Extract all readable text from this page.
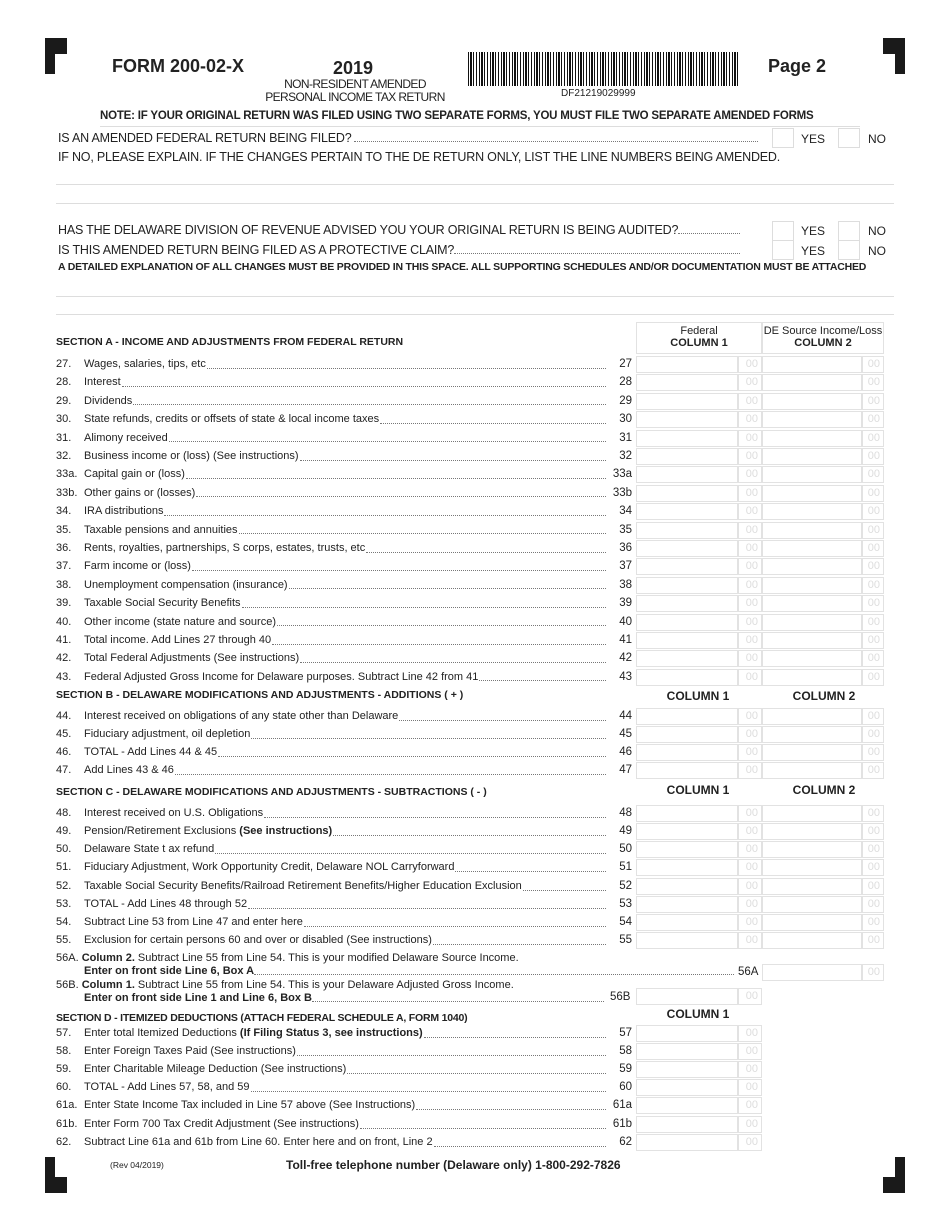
FORM 200-02-X	2019
NON-RESIDENT AMENDED
PERSONAL INCOME TAX RETURN	DF21219029999
Page 2
NOTE: IF YOUR ORIGINAL RETURN WAS FILED USING TWO SEPARATE FORMS, YOU MUST FILE TWO SEPARATE AMENDED FORMS
IS AN AMENDED FEDERAL RETURN BEING FILED?	YES	NO
IF NO, PLEASE EXPLAIN. IF THE CHANGES PERTAIN TO THE DE RETURN ONLY, LIST THE LINE NUMBERS BEING AMENDED.
HAS THE DELAWARE DIVISION OF REVENUE ADVISED YOU YOUR ORIGINAL RETURN IS BEING AUDITED?	YES	NO
IS THIS AMENDED RETURN BEING FILED AS A PROTECTIVE CLAIM?	YES	NO
A DETAILED EXPLANATION OF ALL CHANGES MUST BE PROVIDED IN THIS SPACE. ALL SUPPORTING SCHEDULES AND/OR DOCUMENTATION MUST BE ATTACHED
Federal
COLUMN 1
DE Source Income/Loss
COLUMN 2
SECTION A - INCOME AND ADJUSTMENTS FROM FEDERAL RETURN
SECTION B - DELAWARE MODIFICATIONS AND ADJUSTMENTS - ADDITIONS ( + )	COLUMN 1	COLUMN 2
SECTION C - DELAWARE MODIFICATIONS AND ADJUSTMENTS - SUBTRACTIONS ( - )	COLUMN 1	COLUMN 2
56A. Column 2. Subtract Line 55 from Line 54. This is your modified Delaware Source Income.
Enter on front side Line 6, Box A	56A	00
56B. Column 1. Subtract Line 55 from Line 54. This is your Delaware Adjusted Gross Income.
Enter on front side Line 1 and Line 6, Box B	56B	00
SECTION D - ITEMIZED DEDUCTIONS (ATTACH FEDERAL SCHEDULE A, FORM 1040)	COLUMN 1
27.	Wages, salaries, tips, etc	27	00	00
28.	Interest	28	00	00
29.	Dividends	29	00	00
30.	State refunds, credits or offsets of state & local income taxes	30	00	00
31.	Alimony received	31	00	00
32.	Business income or (loss) (See instructions)	32	00	00
33a. Capital gain or (loss)	33a	00	00
33b. Other gains or (losses)	33b	00	00
34.	IRA distributions	34	00	00
35.	Taxable pensions and annuities	35	00	00
36.	Rents, royalties, partnerships, S corps, estates, trusts, etc	36	00	00
37.	Farm income or (loss)	37	00	00
38.	Unemployment compensation (insurance)	38	00	00
39.	Taxable Social Security Benefits	39	00	00
40.	Other income (state nature and source)	40	00	00
41.	Total income. Add Lines 27 through 40	41	00	00
42.	Total Federal Adjustments (See instructions)	42	00	00
43.	Federal Adjusted Gross Income for Delaware purposes. Subtract Line 42 from 41	43	00	00
44.	Interest received on obligations of any state other than Delaware	44	00	00
45.	Fiduciary adjustment, oil depletion	45	00	00
46.	TOTAL - Add Lines 44 & 45	46	00	00
47.	Add Lines 43 & 46	47	00	00
48.	Interest received on U.S. Obligations	48	00	00
49.	Pension/Retirement Exclusions (See instructions)	49	00	00
50.	Delaware State t ax refund	50	00	00
51.	Fiduciary Adjustment, Work Opportunity Credit, Delaware NOL Carryforward	51	00	00
52.	Taxable Social Security Benefits/Railroad Retirement Benefits/Higher Education Exclusion	52	00	00
53.	TOTAL - Add Lines 48 through 52	53	00	00
54.	Subtract Line 53 from Line 47 and enter here	54	00	00
55.	Exclusion for certain persons 60 and over or disabled (See instructions)	55	00	00
57.	Enter total Itemized Deductions (If Filing Status 3, see instructions)	57	00
58.	Enter Foreign Taxes Paid (See instructions)	58	00
59.	Enter Charitable Mileage Deduction (See instructions)	59	00
60.	TOTAL - Add Lines 57, 58, and 59	60	00
61a. Enter State Income Tax included in Line 57 above (See Instructions)	61a	00
61b. Enter Form 700 Tax Credit Adjustment (See instructions)	61b	00
62.	Subtract Line 61a and 61b from Line 60. Enter here and on front, Line 2	62	00
(Rev 04/2019)	Toll-free telephone number (Delaware only) 1-800-292-7826
